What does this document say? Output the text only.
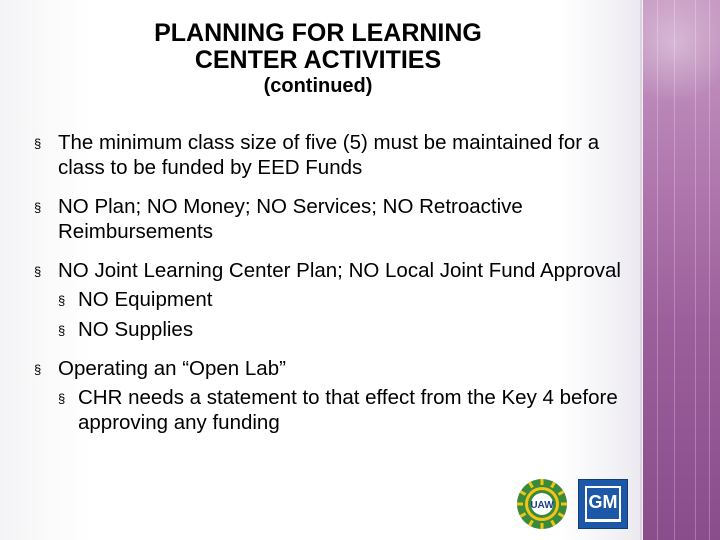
PLANNING FOR LEARNING
CENTER ACTIVITIES
(continued)
§ The minimum class size of five (5) must be maintained for a class to be funded by EED Funds
§ NO Plan; NO Money; NO Services; NO Retroactive Reimbursements
§ NO Joint Learning Center Plan; NO Local Joint Fund Approval
§ NO Equipment
§ NO Supplies
§ Operating an “Open Lab”
§ CHR needs a statement to that effect from the Key 4 before approving any funding
UAW GM
